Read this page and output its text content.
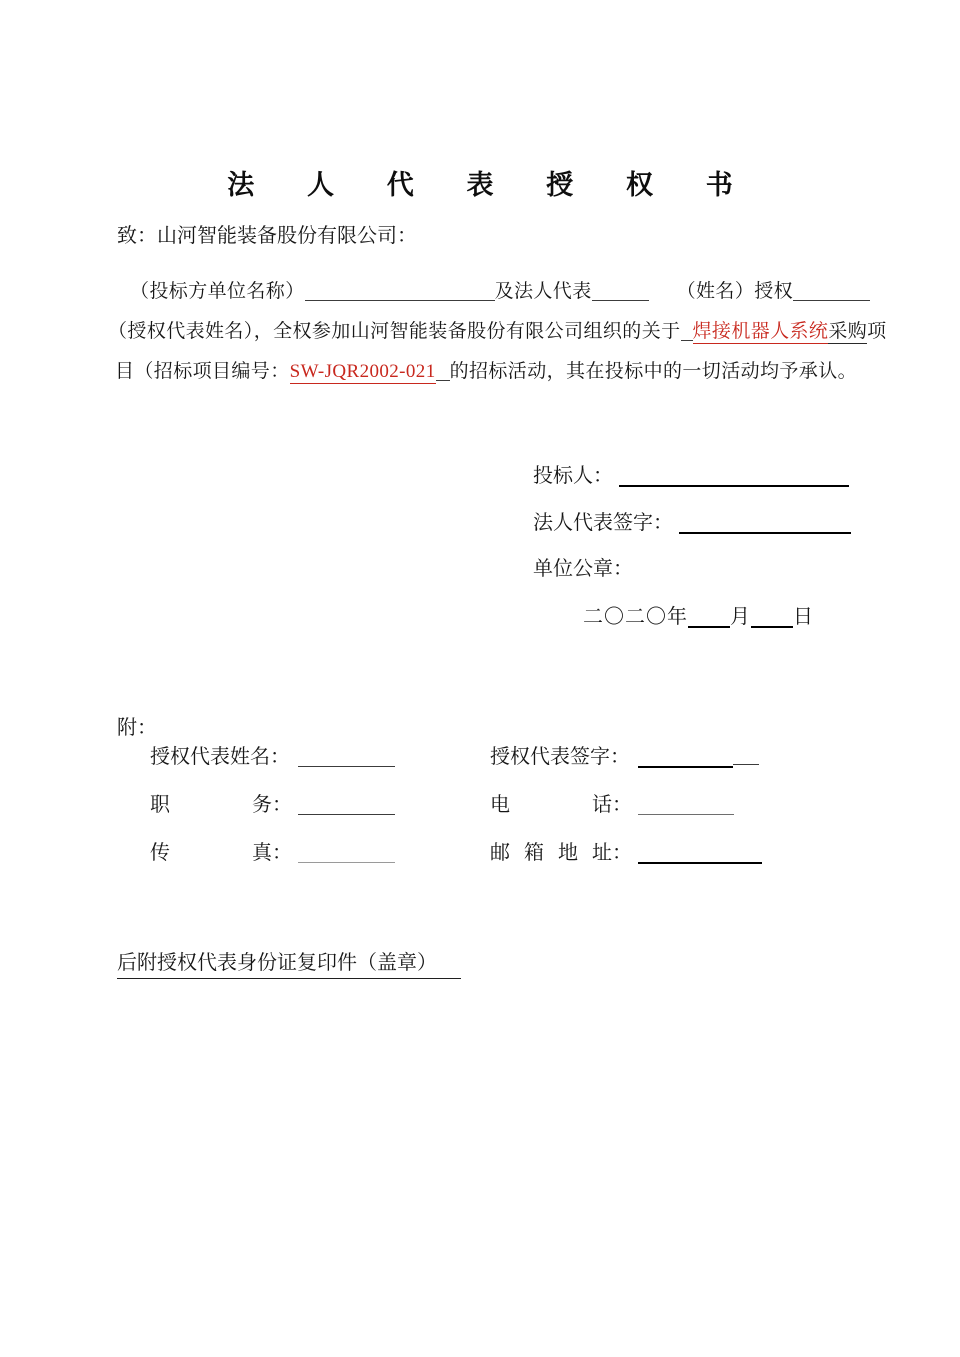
法 人 代 表 授 权 书
致：山河智能装备股份有限公司：
（投标方单位名称）	及法人代表	（姓名）授权
（授权代表姓名），全权参加山河智能装备股份有限公司组织的关于 焊接机器人系统采购项
目（招标项目编号：SW-JQR2002-021 的招标活动，其在投标中的一切活动均予承认。
投标人：
法人代表签字：
单位公章：
二〇二〇年 月 日
附：
授权代表姓名：	授权代表签字：
职	务：	电	话：
传	真：	邮 箱 地 址：
后附授权代表身份证复印件（盖章）
